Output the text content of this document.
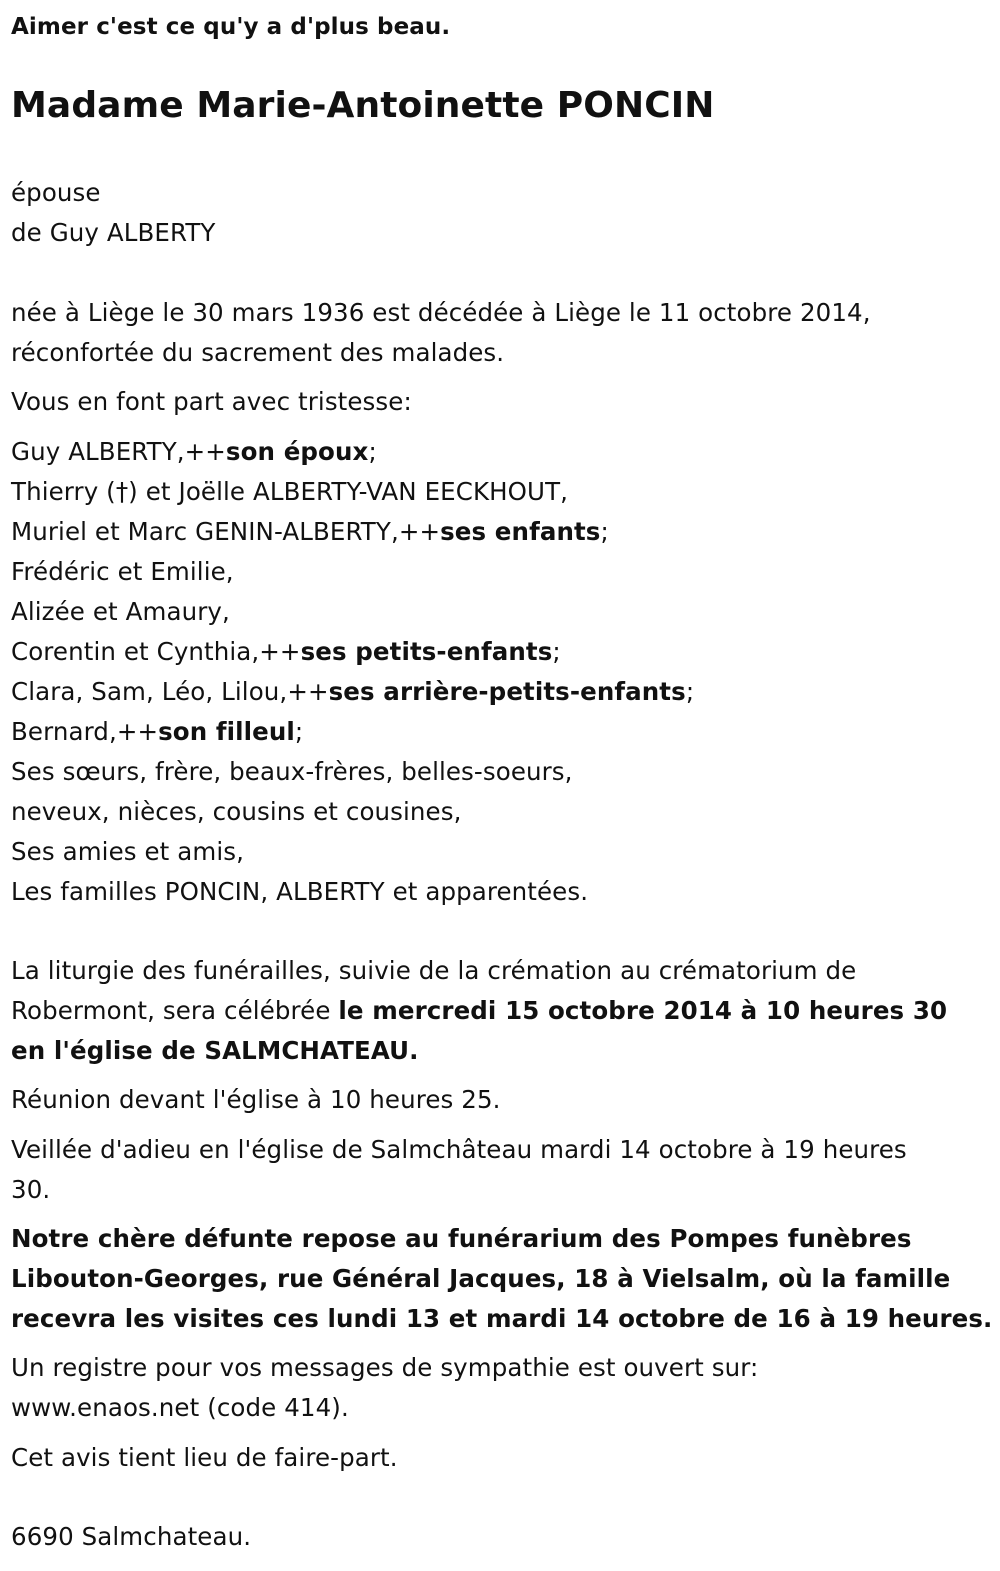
Aimer c'est ce qu'y a d'plus beau.
Madame Marie-Antoinette PONCIN
épouse
de Guy ALBERTY
née à Liège le 30 mars 1936 est décédée à Liège le 11 octobre 2014,
réconfortée du sacrement des malades.
Vous en font part avec tristesse:
Guy ALBERTY,++son époux;
Thierry (†) et Joëlle ALBERTY-VAN EECKHOUT,
Muriel et Marc GENIN-ALBERTY,++ses enfants;
Frédéric et Emilie,
Alizée et Amaury,
Corentin et Cynthia,++ses petits-enfants;
Clara, Sam, Léo, Lilou,++ses arrière-petits-enfants;
Bernard,++son filleul;
Ses sœurs, frère, beaux-frères, belles-soeurs,
neveux, nièces, cousins et cousines,
Ses amies et amis,
Les familles PONCIN, ALBERTY et apparentées.
La liturgie des funérailles, suivie de la crémation au crématorium de
Robermont, sera célébrée le mercredi 15 octobre 2014 à 10 heures 30
en l'église de SALMCHATEAU.
Réunion devant l'église à 10 heures 25.
Veillée d'adieu en l'église de Salmchâteau mardi 14 octobre à 19 heures
30.
Notre chère défunte repose au funérarium des Pompes funèbres
Libouton-Georges, rue Général Jacques, 18 à Vielsalm, où la famille
recevra les visites ces lundi 13 et mardi 14 octobre de 16 à 19 heures.
Un registre pour vos messages de sympathie est ouvert sur:
www.enaos.net (code 414).
Cet avis tient lieu de faire-part.
6690 Salmchateau.
